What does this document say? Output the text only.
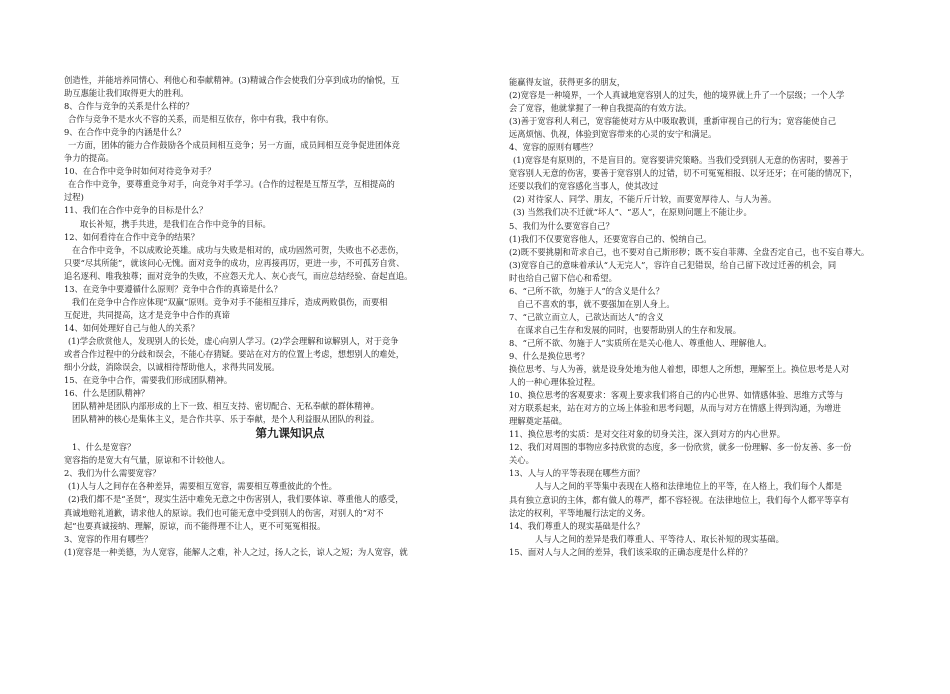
创造性，并能培养同情心、利他心和奉献精神。(3)精诚合作会使我们分享到成功的愉悦，互
助互惠能让我们取得更大的胜利。
8、合作与竞争的关系是什么样的？
合作与竞争不是水火不容的关系，而是相互依存，你中有我，我中有你。
9、在合作中竞争的内涵是什么？
一方面，团体的能力合作鼓励各个成员间相互竞争；另一方面，成员间相互竞争促进团体竞
争力的提高。
10、在合作中竞争时如何对待竞争对手？
在合作中竞争，要尊重竞争对手，向竞争对手学习。(合作的过程是互帮互学，互相提高的
过程)
11、我们在合作中竞争的目标是什么？
取长补短，携手共进，是我们在合作中竞争的目标。
12、如何看待在合作中竞争的结果？
在合作中竞争，不以成败论英雄。成功与失败是相对的，成功固然可贺，失败也不必悲伤，
只要“尽其所能”，就该问心无愧。面对竞争的成功，应再接再厉，更进一步，不可孤芳自赏、
追名逐利、唯我独尊；面对竞争的失败，不应怨天尤人、灰心丧气，而应总结经验、奋起直追。
13、在竞争中要遵循什么原则？竞争中合作的真谛是什么？
我们在竞争中合作应体现“双赢”原则。竞争对手不能相互排斥，造成两败俱伤，而要相
互促进，共同提高，这才是竞争中合作的真谛
14、如何处理好自己与他人的关系？
(1)学会欣赏他人，发现别人的长处，虚心向别人学习。(2)学会理解和谅解别人，对于竞争
或者合作过程中的分歧和误会，不能心存猜疑。要站在对方的位置上考虑，想想别人的难处，
细小分歧，消除误会，以诚相待帮助他人，求得共同发展。
15、在竞争中合作，需要我们形成团队精神。
16、什么是团队精神？
团队精神是团队内部形成的上下一致、相互支持、密切配合、无私奉献的群体精神。
团队精神的核心是集体主义，是合作共享、乐于奉献，是个人利益服从团队的利益。
第九课知识点
1、什么是宽容？
宽容指的是宽大有气量，原谅和不计较他人。
2、我们为什么需要宽容？
(1)人与人之间存在各种差异，需要相互宽容，需要相互尊重彼此的个性。
(2)我们都不是“圣贤”，现实生活中难免无意之中伤害别人，我们要体谅、尊重他人的感受，
真诚地赔礼道歉，请求他人的原谅。我们也可能无意中受到别人的伤害，对别人的“对不
起”也要真诚接纳、理解，原谅，而不能得理不让人，更不可冤冤相报。
3、宽容的作用有哪些？
(1)宽容是一种美德，为人宽容，能解人之难，补人之过，扬人之长，谅人之短；为人宽容，就
能赢得友谊，获得更多的朋友，
(2)宽容是一种境界，一个人真诚地宽容别人的过失，他的境界就上升了一个层级；一个人学
会了宽容，他就掌握了一种自我提高的有效方法。
(3)善于宽容利人利己，宽容能使对方从中吸取教训，重新审视自己的行为；宽容能使自己
远离烦恼、仇视，体验到宽容带来的心灵的安宁和满足。
4、宽容的原则有哪些？
(1)宽容是有原则的，不是盲目的。宽容要讲究策略。当我们受到别人无意的伤害时，要善于
宽容别人无意的伤害，要善于宽容别人的过错，切不可冤冤相报、以牙还牙；在可能的情况下，
还要以我们的宽容感化当事人，使其改过
(2) 对待家人、同学、朋友，不能斤斤计较，而要宽厚待人、与人为善。
(3) 当然我们决不迁就“坏人”、“恶人”，在原则问题上不能让步。
5、我们为什么要宽容自己？
(1)我们不仅要宽容他人，还要宽容自己的、悦纳自己。
(2)既不要挑剔和苛求自己，也不要对自己斯形秽；既不妄自菲薄、全盘否定自己，也不妄自尊大。
(3)宽容自己的意味着承认“人无完人”，容许自己犯错误，给自己留下改过迁善的机会，同
时也给自己留下信心和希望。
6、“己所不欲，勿施于人”的含义是什么？
自己不喜欢的事，就不要强加在别人身上。
7、“己欲立而立人，己欲达而达人”的含义
在谋求自己生存和发展的同时，也要帮助别人的生存和发展。
8、“己所不欲、勿施于人”实质所在是关心他人、尊重他人、理解他人。
9、什么是换位思考？
换位思考、与人为善，就是设身处地为他人着想，即想人之所想，理解至上。换位思考是人对
人的一种心理体验过程。
10、换位思考的客观要求：客观上要求我们将自己的内心世界、如情感体验、思维方式等与
对方联系起来，站在对方的立场上体验和思考问题，从而与对方在情感上得到沟通，为增进
理解奠定基础。
11、换位思考的实质：是对交往对象的切身关注，深入到对方的内心世界。
12、我们对周围的事物应多持欣赏的态度，多一份欣赏，就多一份理解、多一份友善、多一份
关心。
13、人与人的平等表现在哪些方面？
人与人之间的平等集中表现在人格和法律地位上的平等，在人格上，我们每个人都是
具有独立意识的主体，都有做人的尊严，都不容轻视。在法律地位上，我们每个人都平等享有
法定的权利，平等地履行法定的义务。
14、我们尊重人的现实基础是什么？
人与人之间的差异是我们尊重人、平等待人、取长补短的现实基础。
15、面对人与人之间的差异，我们该采取的正确态度是什么样的？
